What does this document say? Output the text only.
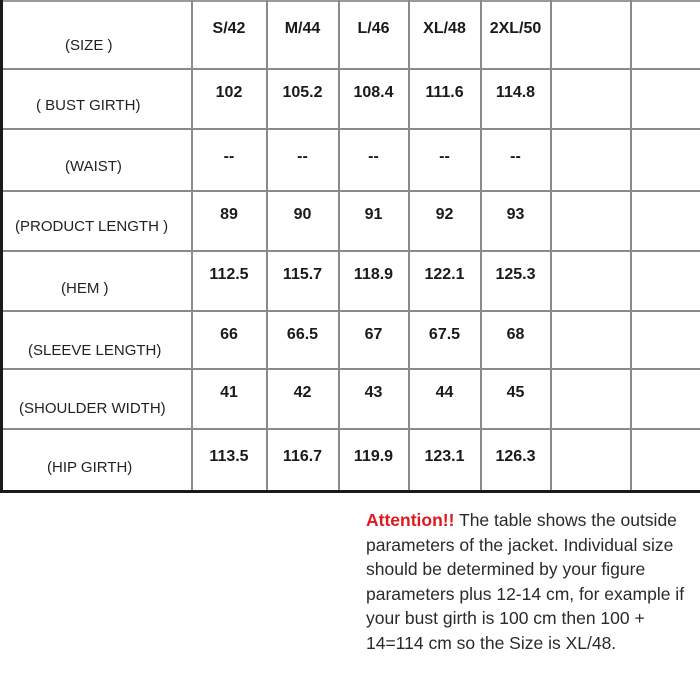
(SIZE )	S/42	M/44	L/46	XL/48	2XL/50		

( BUST GIRTH)	102	105.2	108.4	111.6	114.8		

(WAIST)	--	--	--	--	--		

(PRODUCT LENGTH )	89	90	91	92	93		

(HEM )	112.5	115.7	118.9	122.1	125.3		

(SLEEVE LENGTH)	66	66.5	67	67.5	68		

(SHOULDER WIDTH)	41	42	43	44	45		

(HIP GIRTH)	113.5	116.7	119.9	123.1	126.3		

Attention!! The table shows the outside parameters of the jacket. Individual size should be determined by your figure parameters plus 12-14 cm, for example if your bust girth is 100 cm then 100 + 14=114 cm so the Size is XL/48.
